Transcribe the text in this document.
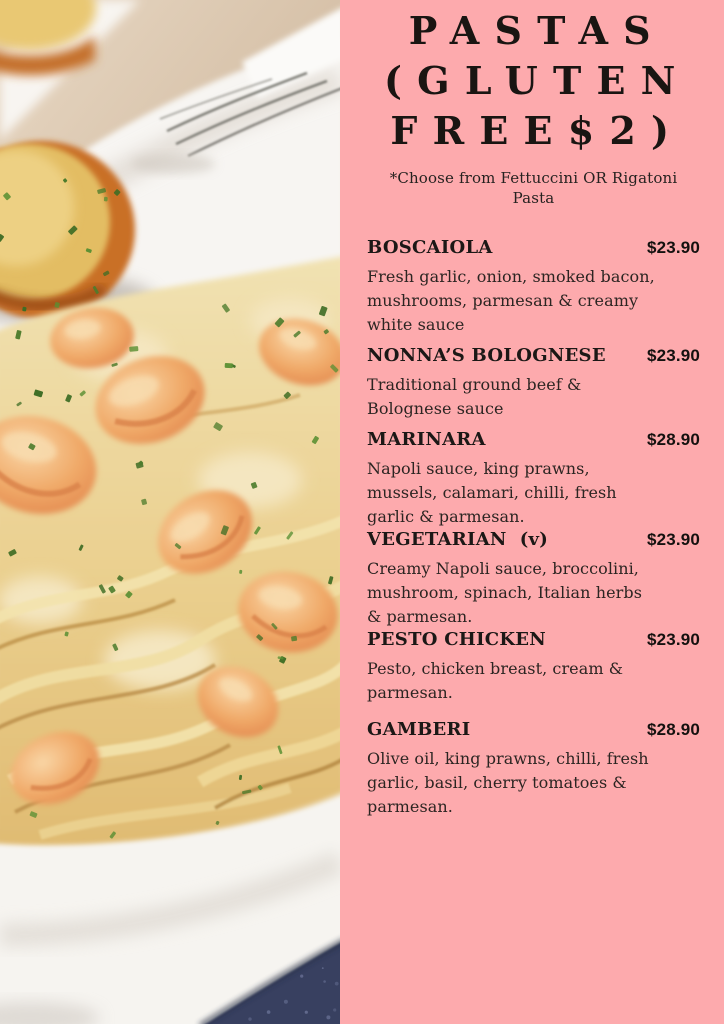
PASTAS
(GLUTEN
FREE$2)
*Choose from Fettuccini OR Rigatoni Pasta
BOSCAIOLA	$23.90

Fresh garlic, onion, smoked bacon, mushrooms, parmesan & creamy white sauce

NONNA’S BOLOGNESE $23.90

Traditional ground beef & Bolognese sauce

MARINARA	$28.90

Napoli sauce, king prawns, mussels, calamari, chilli, fresh garlic & parmesan.

VEGETARIAN  (v)	$23.90

Creamy Napoli sauce, broccolini, mushroom, spinach, Italian herbs & parmesan.

PESTO CHICKEN	$23.90

Pesto, chicken breast, cream & parmesan.

GAMBERI	$28.90

Olive oil, king prawns, chilli, fresh garlic, basil, cherry tomatoes & parmesan.
